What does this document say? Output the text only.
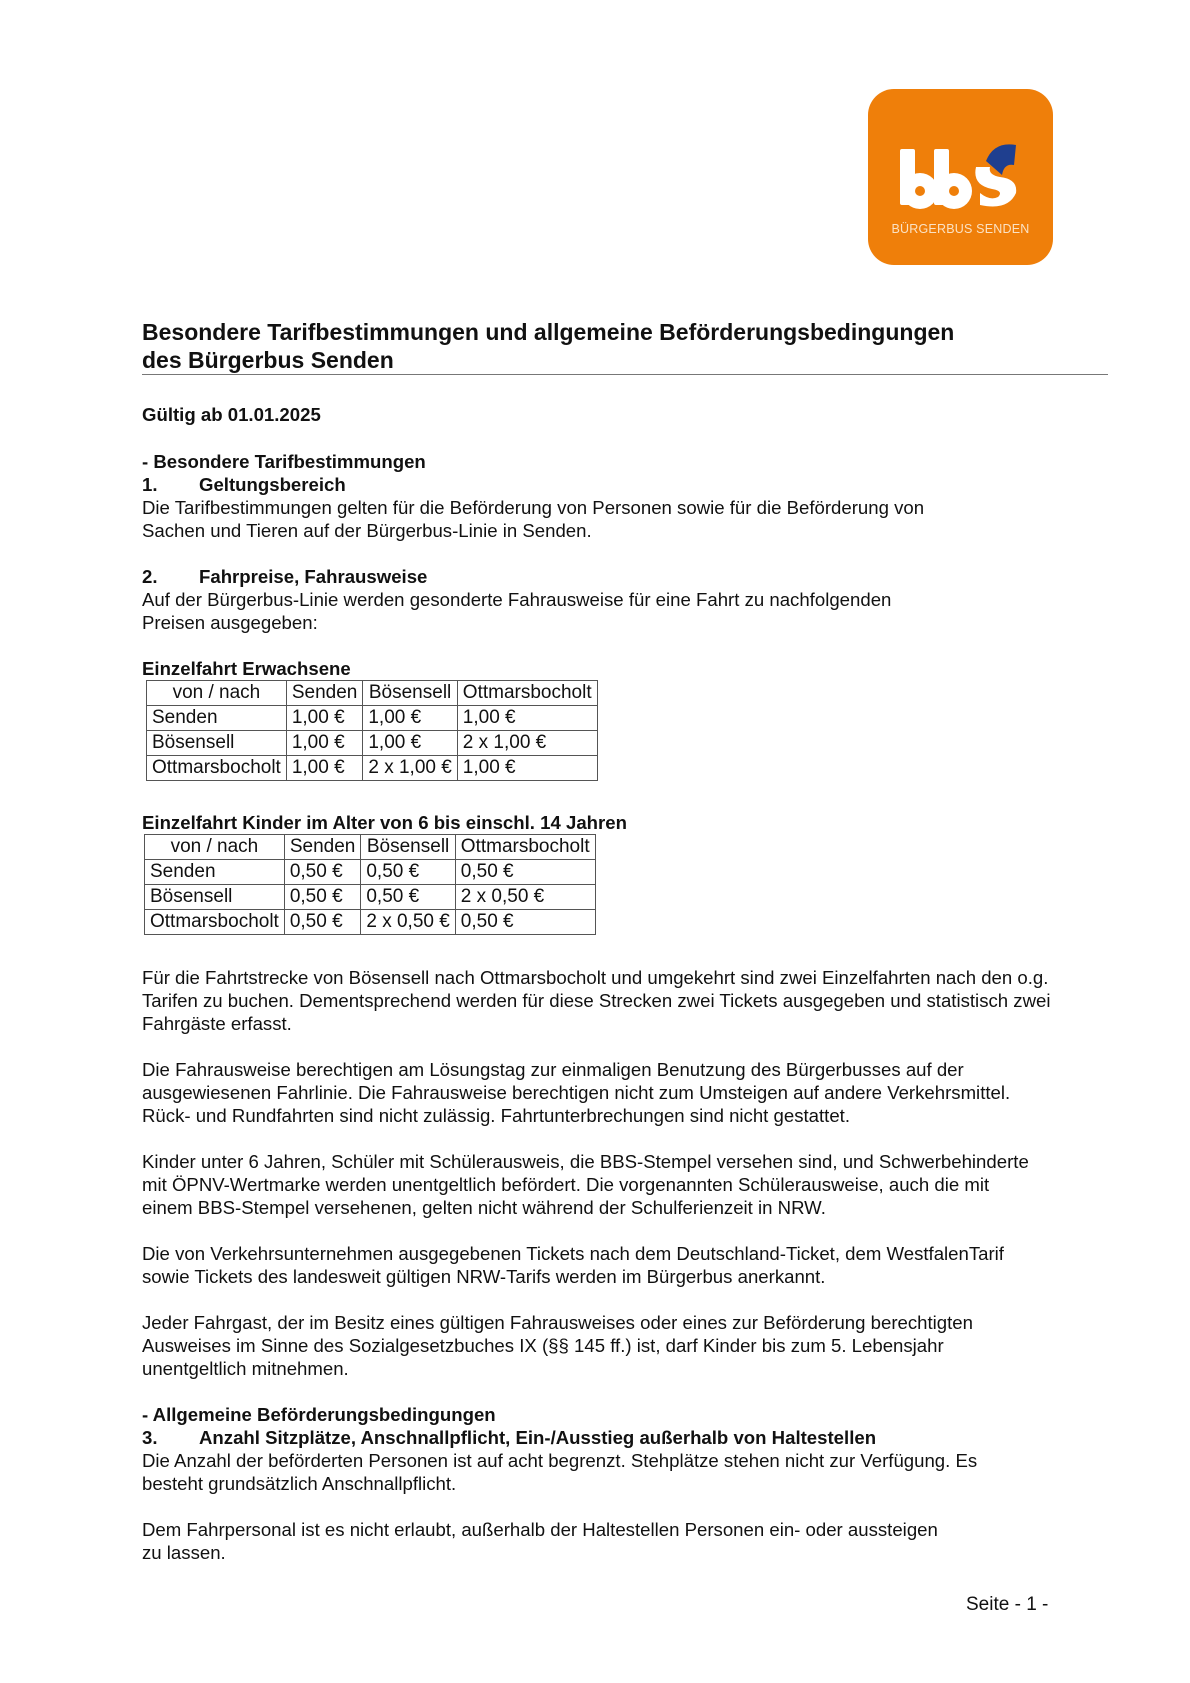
BÜRGERBUS SENDEN
Besondere Tarifbestimmungen und allgemeine Beförderungsbedingungen
des Bürgerbus Senden

Gültig ab 01.01.2025

- Besondere Tarifbestimmungen
1. Geltungsbereich
Die Tarifbestimmungen gelten für die Beförderung von Personen sowie für die Beförderung von
Sachen und Tieren auf der Bürgerbus-Linie in Senden.
2. Fahrpreise, Fahrausweise
Auf der Bürgerbus-Linie werden gesonderte Fahrausweise für eine Fahrt zu nachfolgenden
Preisen ausgegeben:

Einzelfahrt Erwachsene

von / nach	Senden	Bösensell	Ottmarsbocholt
Senden	1,00 €	1,00 €	1,00 €
Bösensell	1,00 €	1,00 €	2 x 1,00 €
Ottmarsbocholt	1,00 €	2 x 1,00 €	1,00 €

Einzelfahrt Kinder im Alter von 6 bis einschl. 14 Jahren

von / nach	Senden	Bösensell	Ottmarsbocholt
Senden	0,50 €	0,50 €	0,50 €
Bösensell	0,50 €	0,50 €	2 x 0,50 €
Ottmarsbocholt	0,50 €	2 x 0,50 €	0,50 €
Für die Fahrtstrecke von Bösensell nach Ottmarsbocholt und umgekehrt sind zwei Einzelfahrten nach den o.g.
Tarifen zu buchen. Dementsprechend werden für diese Strecken zwei Tickets ausgegeben und statistisch zwei
Fahrgäste erfasst.
Die Fahrausweise berechtigen am Lösungstag zur einmaligen Benutzung des Bürgerbusses auf der
ausgewiesenen Fahrlinie. Die Fahrausweise berechtigen nicht zum Umsteigen auf andere Verkehrsmittel.
Rück- und Rundfahrten sind nicht zulässig. Fahrtunterbrechungen sind nicht gestattet.
Kinder unter 6 Jahren, Schüler mit Schülerausweis, die BBS-Stempel versehen sind, und Schwerbehinderte
mit ÖPNV-Wertmarke werden unentgeltlich befördert. Die vorgenannten Schülerausweise, auch die mit
einem BBS-Stempel versehenen, gelten nicht während der Schulferienzeit in NRW.
Die von Verkehrsunternehmen ausgegebenen Tickets nach dem Deutschland-Ticket, dem WestfalenTarif
sowie Tickets des landesweit gültigen NRW-Tarifs werden im Bürgerbus anerkannt.
Jeder Fahrgast, der im Besitz eines gültigen Fahrausweises oder eines zur Beförderung berechtigten
Ausweises im Sinne des Sozialgesetzbuches IX (§§ 145 ff.) ist, darf Kinder bis zum 5. Lebensjahr
unentgeltlich mitnehmen.
- Allgemeine Beförderungsbedingungen
3. Anzahl Sitzplätze, Anschnallpflicht, Ein-/Ausstieg außerhalb von Haltestellen
Die Anzahl der beförderten Personen ist auf acht begrenzt. Stehplätze stehen nicht zur Verfügung. Es
besteht grundsätzlich Anschnallpflicht.
Dem Fahrpersonal ist es nicht erlaubt, außerhalb der Haltestellen Personen ein- oder aussteigen
zu lassen.
Seite - 1 -
